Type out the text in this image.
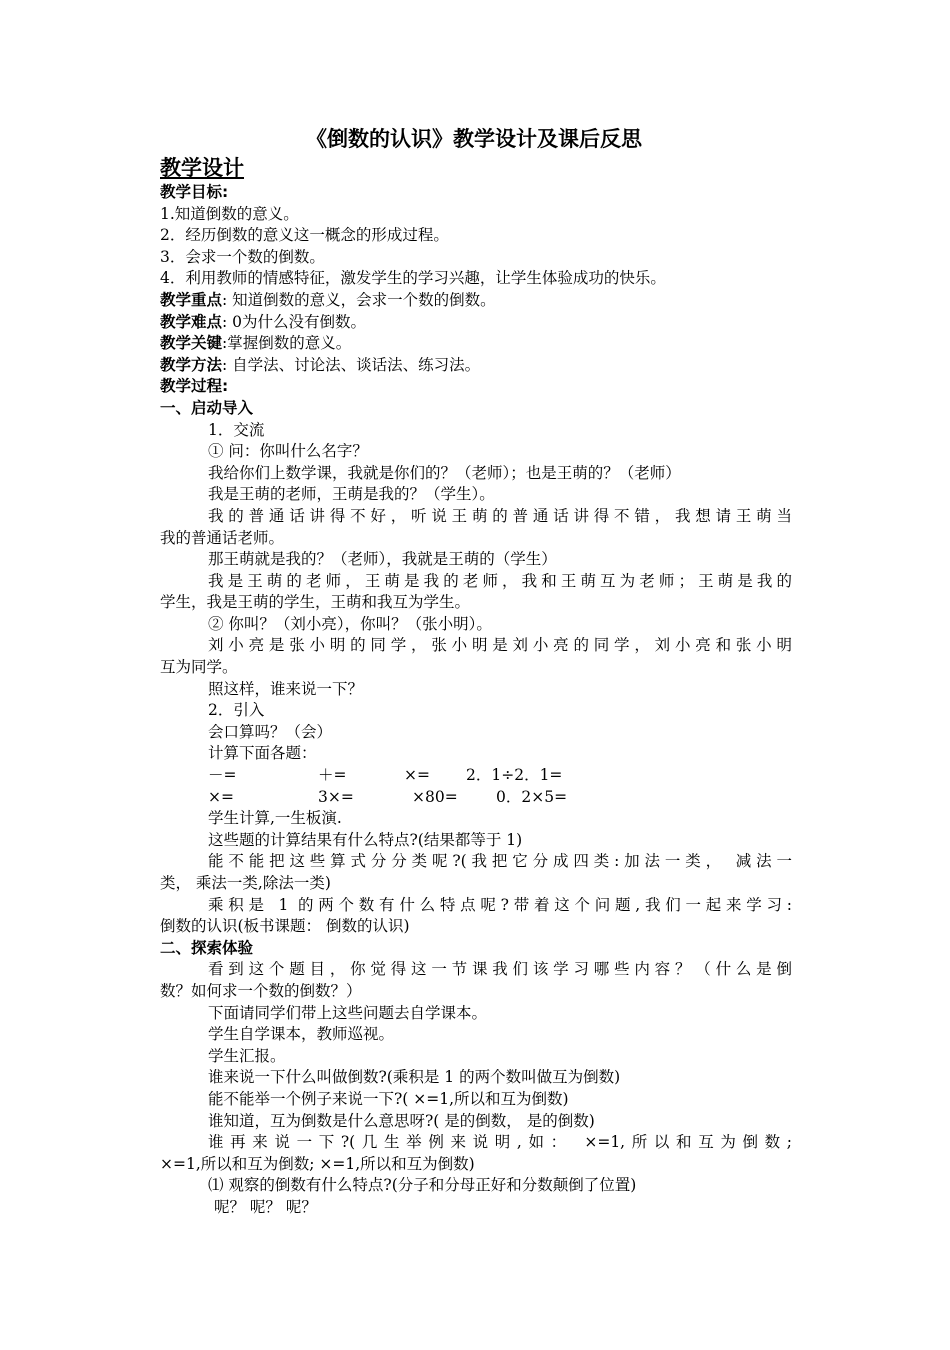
《倒数的认识》教学设计及课后反思
教学设计
教学目标:
1.知道倒数的意义。
2．经历倒数的意义这一概念的形成过程。
3．会求一个数的倒数。
4．利用教师的情感特征，激发学生的学习兴趣，让学生体验成功的快乐。
教学重点: 知道倒数的意义，会求一个数的倒数。
教学难点: 0为什么没有倒数。
教学关键:掌握倒数的意义。
教学方法: 自学法、讨论法、谈话法、练习法。
教学过程:
一、启动导入
1．交流
① 问：你叫什么名字？
我给你们上数学课，我就是你们的？（老师）；也是王萌的？（老师）
我是王萌的老师，王萌是我的？（学生）。
我的普通话讲得不好，听说王萌的普通话讲得不错，我想请王萌当
我的普通话老师。
那王萌就是我的？（老师），我就是王萌的（学生）
我是王萌的老师，王萌是我的老师，我和王萌互为老师；王萌是我的
学生，我是王萌的学生，王萌和我互为学生。
② 你叫？（刘小亮），你叫？（张小明）。
刘小亮是张小明的同学，张小明是刘小亮的同学，刘小亮和张小明
互为同学。
照这样，谁来说一下？
2．引入
会口算吗？（会）
计算下面各题：
－=	＋=	×= 2．1÷2．1=
×=	3×=	×80= 0．2×5=
学生计算,一生板演.
这些题的计算结果有什么特点?(结果都等于 1)
能不能把这些算式分分类呢?(我把它分成四类:加法一类， 减法一
类， 乘法一类,除法一类)
乘积是 1 的两个数有什么特点呢?带着这个问题,我们一起来学习:
倒数的认识(板书课题： 倒数的认识)
二、探索体验
看到这个题目，你觉得这一节课我们该学习哪些内容？（什么是倒
数？如何求一个数的倒数？）
下面请同学们带上这些问题去自学课本。
学生自学课本，教师巡视。
学生汇报。
谁来说一下什么叫做倒数?(乘积是 1 的两个数叫做互为倒数)
能不能举一个例子来说一下?( ×=1,所以和互为倒数)
谁知道，互为倒数是什么意思呀?( 是的倒数， 是的倒数)
谁再来说一下?(几生举例来说明,如： ×=1,所以和互为倒数;
×=1,所以和互为倒数; ×=1,所以和互为倒数)
⑴ 观察的倒数有什么特点?(分子和分母正好和分数颠倒了位置)
呢？ 呢？ 呢？
